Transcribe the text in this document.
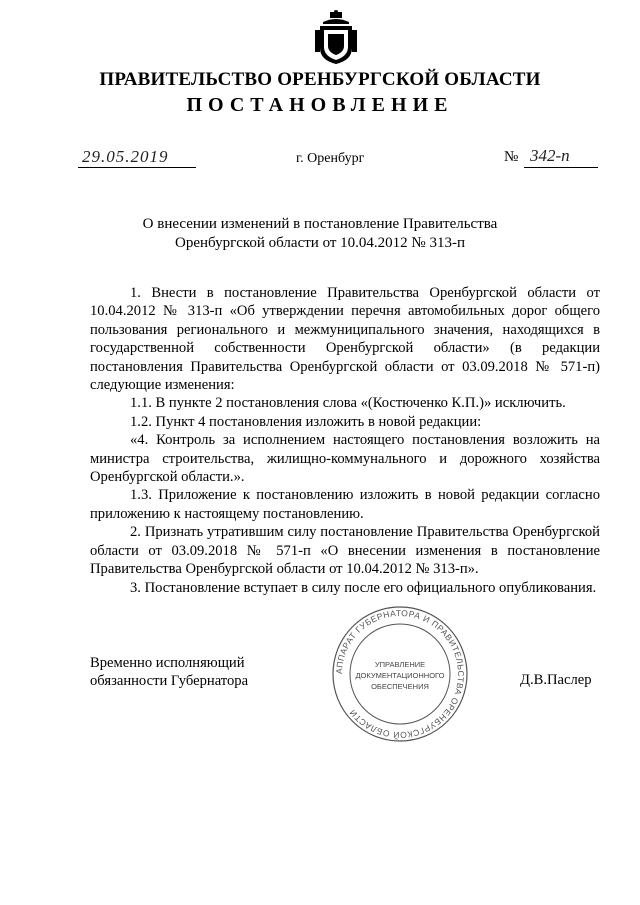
ПРАВИТЕЛЬСТВО ОРЕНБУРГСКОЙ ОБЛАСТИ
ПОСТАНОВЛЕНИЕ
29.05.2019	г. Оренбург	№ 342-п
О внесении изменений в постановление Правительства
Оренбургской области от 10.04.2012 № 313-п

1. Внести в постановление Правительства Оренбургской области от 10.04.2012 № 313-п «Об утверждении перечня автомобильных дорог общего пользования регионального и межмуниципального значения, находящихся в государственной собственности Оренбургской области» (в редакции постановления Правительства Оренбургской области от 03.09.2018 № 571-п) следующие изменения:

1.1. В пункте 2 постановления слова «(Костюченко К.П.)» исключить.

1.2. Пункт 4 постановления изложить в новой редакции:

«4. Контроль за исполнением настоящего постановления возложить на министра строительства, жилищно-коммунального и дорожного хозяйства Оренбургской области.».

1.3. Приложение к постановлению изложить в новой редакции согласно приложению к настоящему постановлению.

2. Признать утратившим силу постановление Правительства Оренбургской области от 03.09.2018 № 571-п «О внесении изменения в постановление Правительства Оренбургской области от 10.04.2012 № 313-п».

3. Постановление вступает в силу после его официального опубликования.

Временно исполняющий
обязанности Губернатора	Д.В.Паслер
АППАРАТ ГУБЕРНАТОРА И ПРАВИТЕЛЬСТВА ОРЕНБУРГСКОЙ ОБЛАСТИ
УПРАВЛЕНИЕ
ДОКУМЕНТАЦИОННОГО
ОБЕСПЕЧЕНИЯ
